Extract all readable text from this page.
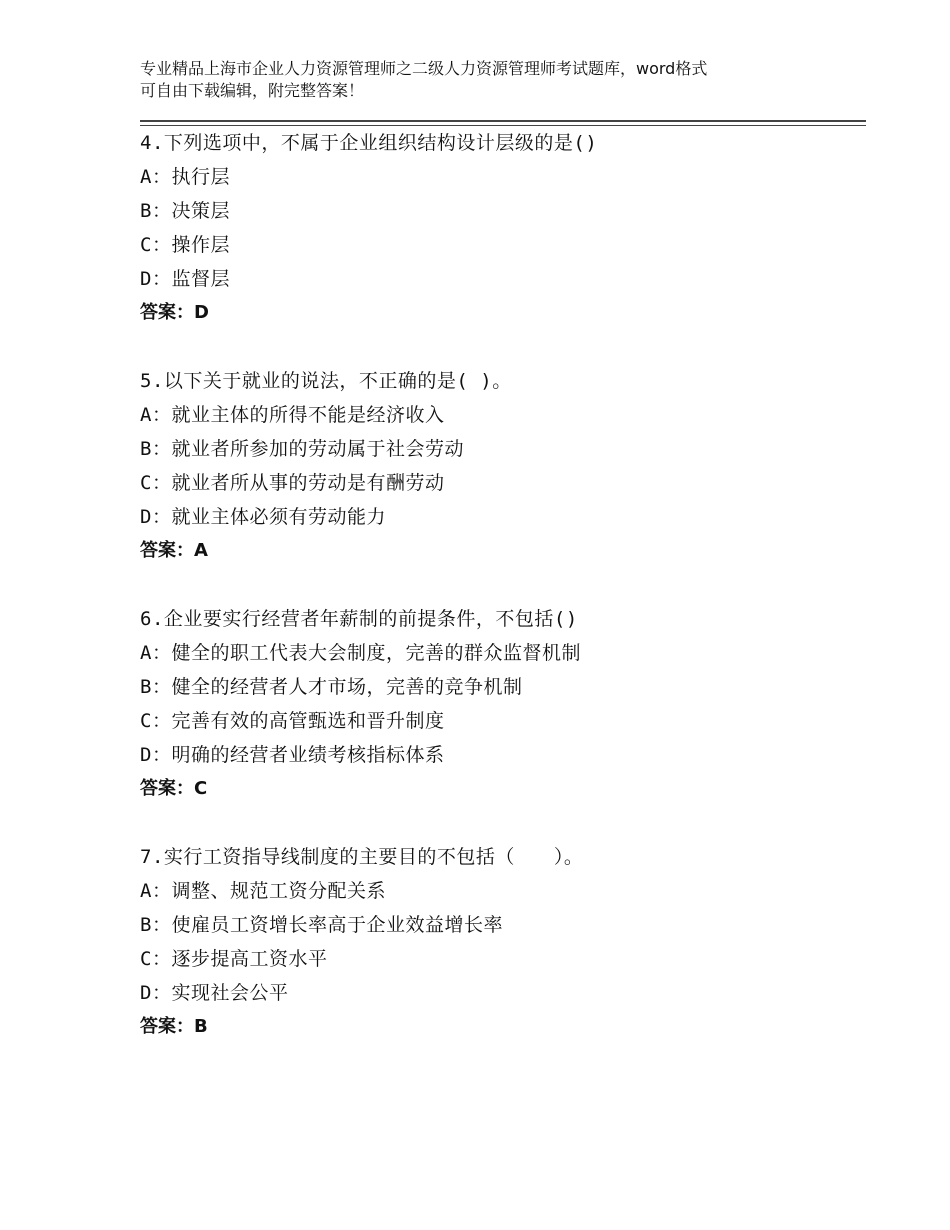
专业精品上海市企业人力资源管理师之二级人力资源管理师考试题库，word格式
可自由下载编辑，附完整答案！
4.下列选项中，不属于企业组织结构设计层级的是()
A：执行层
B：决策层
C：操作层
D：监督层
答案：D
5.以下关于就业的说法，不正确的是( )。
A：就业主体的所得不能是经济收入
B：就业者所参加的劳动属于社会劳动
C：就业者所从事的劳动是有酬劳动
D：就业主体必须有劳动能力
答案：A
6.企业要实行经营者年薪制的前提条件，不包括()
A：健全的职工代表大会制度，完善的群众监督机制
B：健全的经营者人才市场，完善的竞争机制
C：完善有效的高管甄选和晋升制度
D：明确的经营者业绩考核指标体系
答案：C
7.实行工资指导线制度的主要目的不包括（　　）。
A：调整、规范工资分配关系
B：使雇员工资增长率高于企业效益增长率
C：逐步提高工资水平
D：实现社会公平
答案：B
